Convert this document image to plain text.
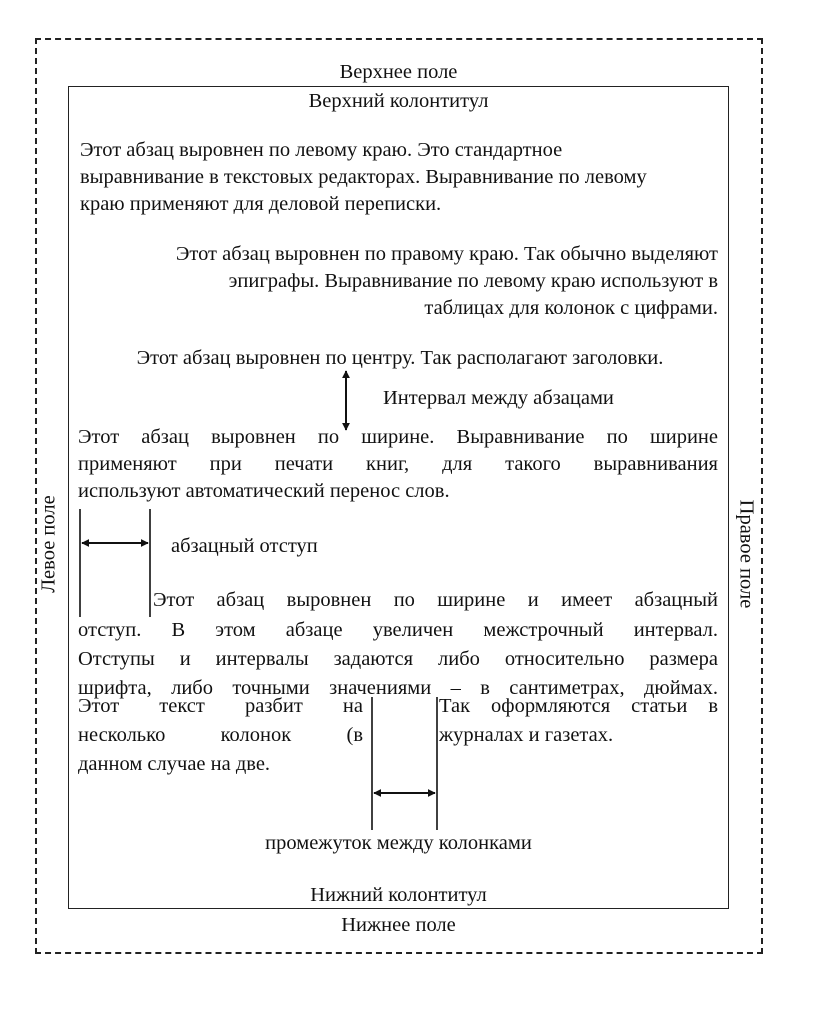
Верхнее поле
Верхний колонтитул
Этот абзац выровнен по левому краю. Это стандартное
выравнивание в текстовых редакторах. Выравнивание по левому
краю применяют для деловой переписки.
Этот абзац выровнен по правому краю. Так обычно выделяют
эпиграфы. Выравнивание по левому краю используют в
таблицах для колонок с цифрами.
Этот абзац выровнен по центру. Так располагают заголовки.
Интервал между абзацами
Этот абзац выровнен по ширине. Выравнивание по ширине
применяют при печати книг, для такого выравнивания
используют автоматический перенос слов.
абзацный отступ
Этот абзац выровнен по ширине и имеет абзацный
отступ. В этом абзаце увеличен межстрочный интервал.
Отступы и интервалы задаются либо относительно размера
шрифта, либо точными значениями – в сантиметрах, дюймах.
Этот текст разбит на
несколько колонок (в
данном случае на две.
Так оформляются статьи в
журналах и газетах.
промежуток между колонками
Нижний колонтитул
Нижнее поле
Левое поле	Правое поле
